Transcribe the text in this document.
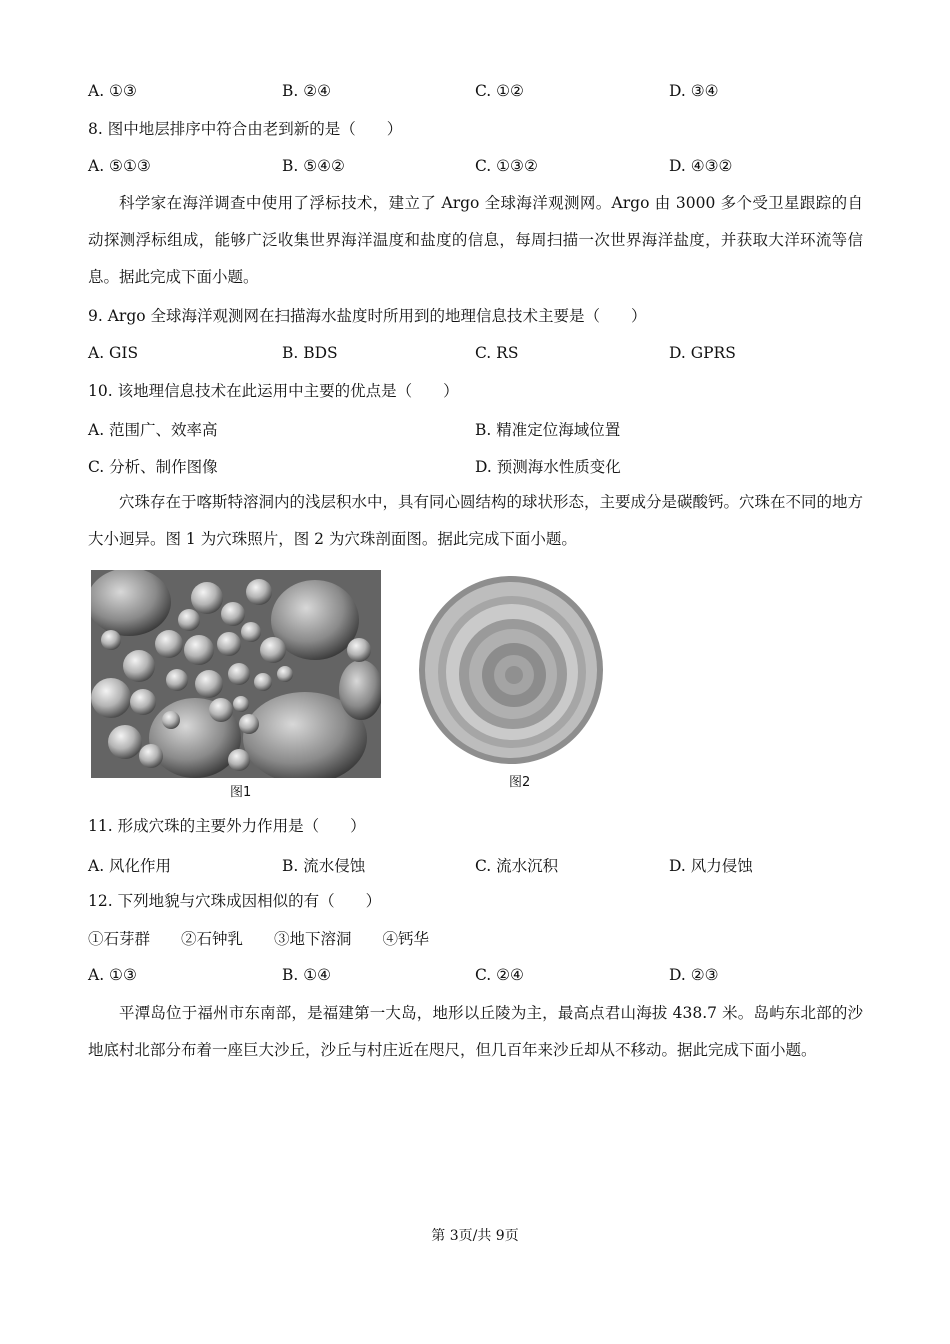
A. ①③	B. ②④	C. ①②	D. ③④
8. 图中地层排序中符合由老到新的是（　　）
A. ⑤①③	B. ⑤④②	C. ①③②	D. ④③②
科学家在海洋调查中使用了浮标技术，建立了 Argo 全球海洋观测网。Argo 由 3000 多个受卫星跟踪的自动探测浮标组成，能够广泛收集世界海洋温度和盐度的信息，每周扫描一次世界海洋盐度，并获取大洋环流等信息。据此完成下面小题。
9. Argo 全球海洋观测网在扫描海水盐度时所用到的地理信息技术主要是（　　）
A. GIS	B. BDS	C. RS	D. GPRS
10. 该地理信息技术在此运用中主要的优点是（　　）
A. 范围广、效率高	B. 精准定位海域位置
C. 分析、制作图像	D. 预测海水性质变化
穴珠存在于喀斯特溶洞内的浅层积水中，具有同心圆结构的球状形态，主要成分是碳酸钙。穴珠在不同的地方大小迥异。图 1 为穴珠照片，图 2 为穴珠剖面图。据此完成下面小题。
图1
图2
11. 形成穴珠的主要外力作用是（　　）
A. 风化作用	B. 流水侵蚀	C. 流水沉积	D. 风力侵蚀
12. 下列地貌与穴珠成因相似的有（　　）
①石芽群　　②石钟乳　　③地下溶洞　　④钙华
A. ①③	B. ①④	C. ②④	D. ②③
平潭岛位于福州市东南部，是福建第一大岛，地形以丘陵为主，最高点君山海拔 438.7 米。岛屿东北部的沙地底村北部分布着一座巨大沙丘，沙丘与村庄近在咫尺，但几百年来沙丘却从不移动。据此完成下面小题。
第 3页/共 9页
